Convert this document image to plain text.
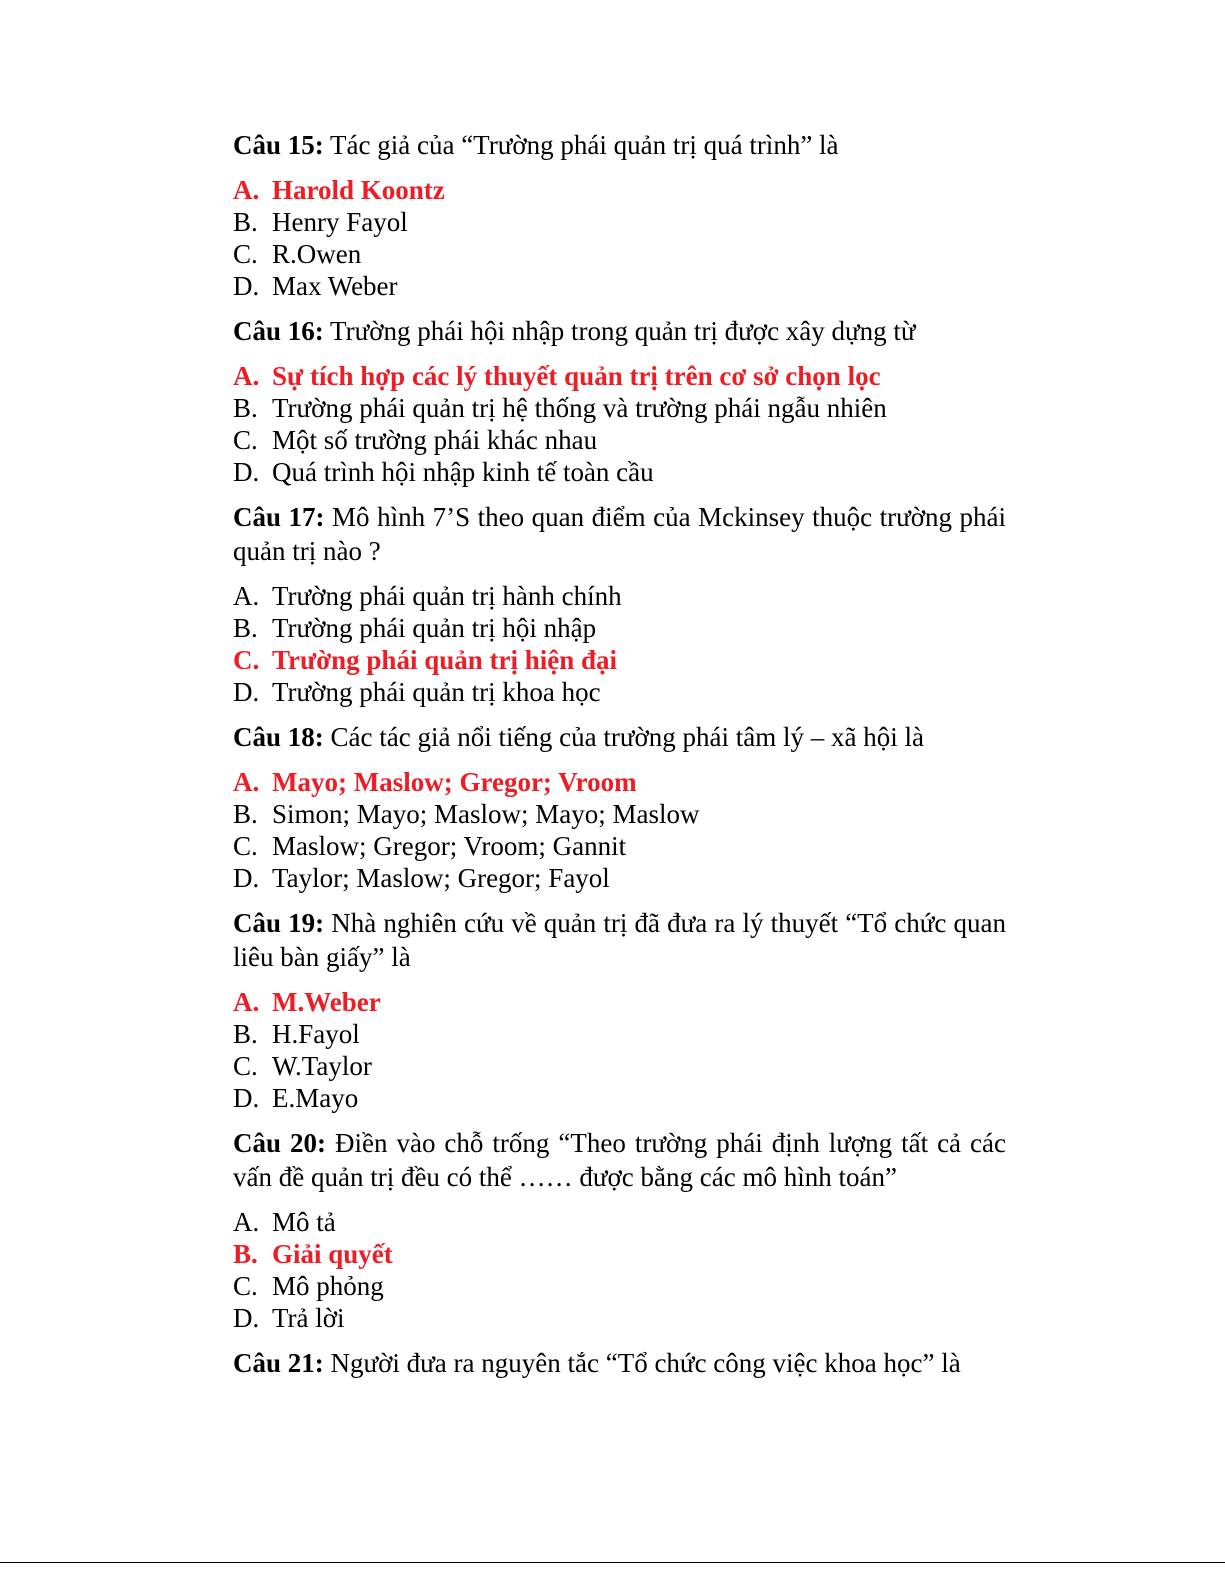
Câu 15: Tác giả của “Trường phái quản trị quá trình” là

A. Harold Koontz
B. Henry Fayol
C. R.Owen
D. Max Weber

Câu 16: Trường phái hội nhập trong quản trị được xây dựng từ

A. Sự tích hợp các lý thuyết quản trị trên cơ sở chọn lọc
B. Trường phái quản trị hệ thống và trường phái ngẫu nhiên
C. Một số trường phái khác nhau
D. Quá trình hội nhập kinh tế toàn cầu

Câu 17: Mô hình 7’S theo quan điểm của Mckinsey thuộc trường phái quản trị nào ?

A. Trường phái quản trị hành chính
B. Trường phái quản trị hội nhập
C. Trường phái quản trị hiện đại
D. Trường phái quản trị khoa học

Câu 18: Các tác giả nổi tiếng của trường phái tâm lý – xã hội là

A. Mayo; Maslow; Gregor; Vroom
B. Simon; Mayo; Maslow; Mayo; Maslow
C. Maslow; Gregor; Vroom; Gannit
D. Taylor; Maslow; Gregor; Fayol

Câu 19: Nhà nghiên cứu về quản trị đã đưa ra lý thuyết “Tổ chức quan liêu bàn giấy” là

A. M.Weber
B. H.Fayol
C. W.Taylor
D. E.Mayo

Câu 20: Điền vào chỗ trống “Theo trường phái định lượng tất cả các vấn đề quản trị đều có thể …… được bằng các mô hình toán”

A. Mô tả
B. Giải quyết
C. Mô phỏng
D. Trả lời

Câu 21: Người đưa ra nguyên tắc “Tổ chức công việc khoa học” là
